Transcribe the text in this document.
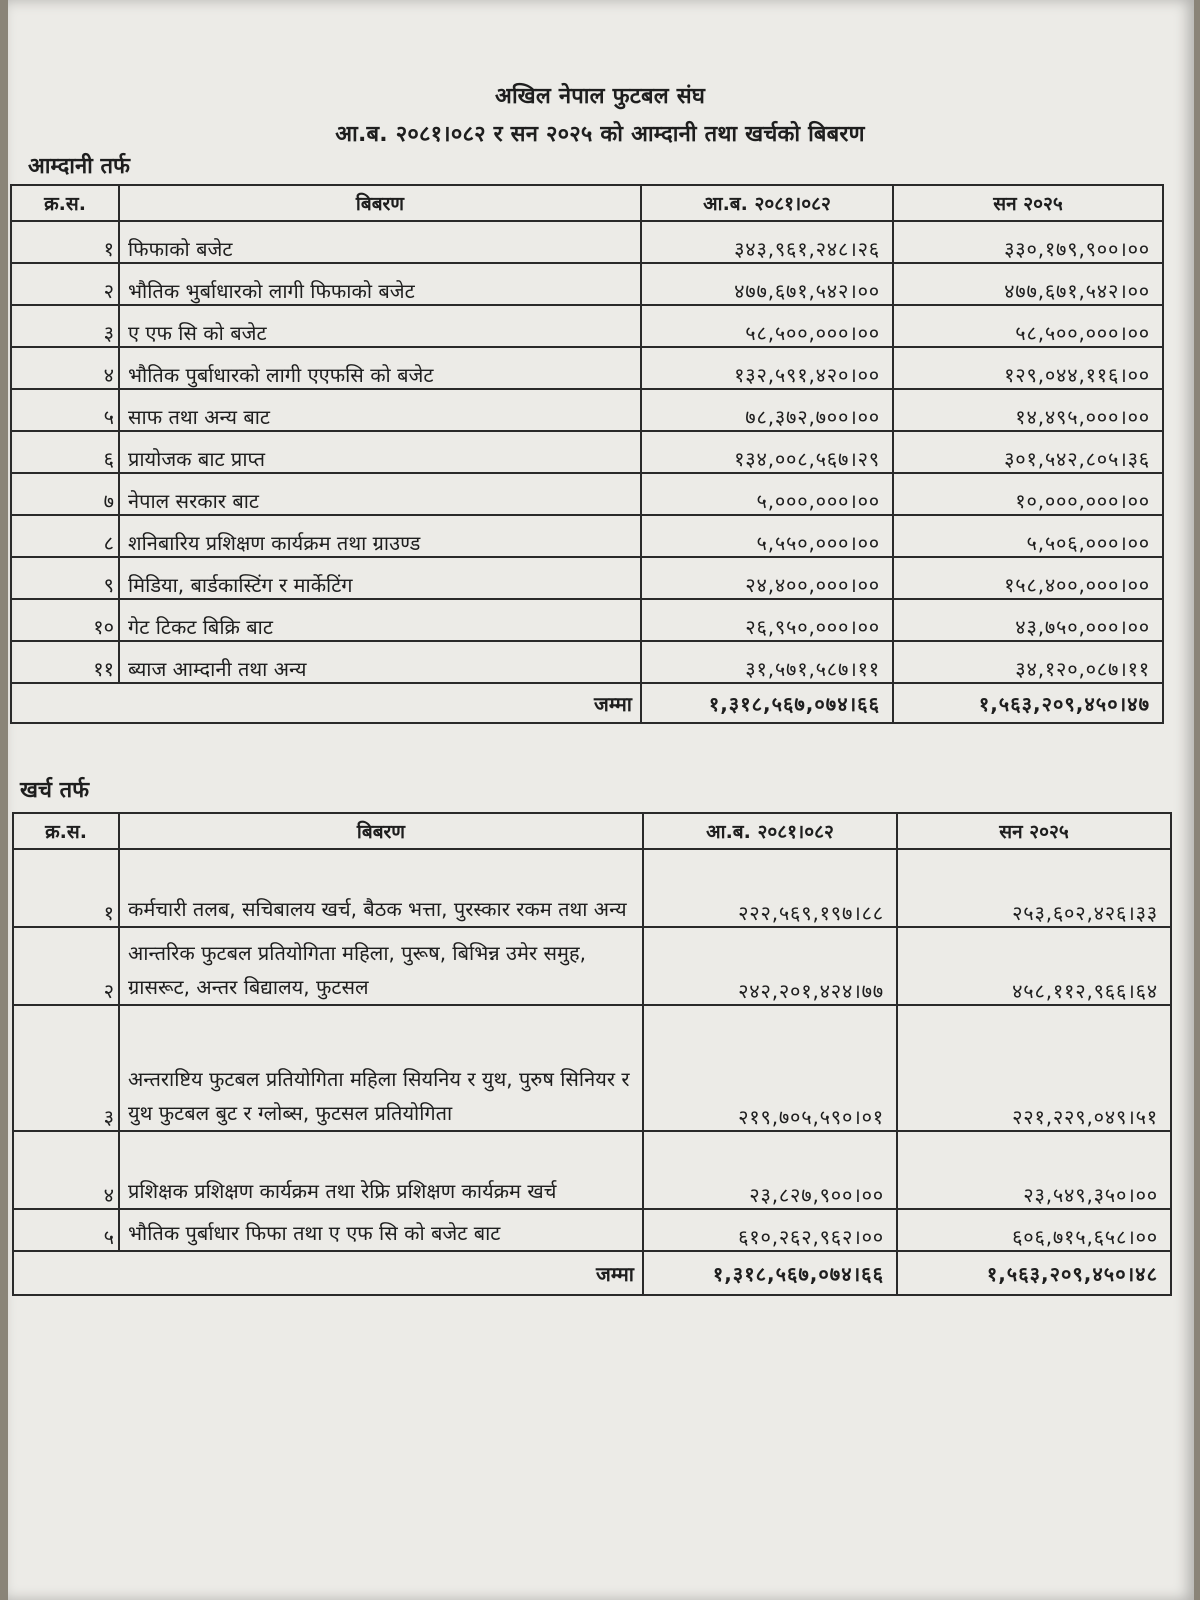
अखिल नेपाल फुटबल संघ
आ.ब. २०८१।०८२ र सन २०२५ को आम्दानी तथा खर्चको बिबरण
आम्दानी तर्फ
क्र.स.	बिबरण	आ.ब. २०८१।०८२	सन २०२५
१	फिफाको बजेट	३४३,९६१,२४८।२६	३३०,१७९,९००।००
२	भौतिक भुर्बाधारको लागी फिफाको बजेट	४७७,६७१,५४२।००	४७७,६७१,५४२।००
३	ए एफ सि को बजेट	५८,५००,०००।००	५८,५००,०००।००
४	भौतिक पुर्बाधारको लागी एएफसि को बजेट	१३२,५९१,४२०।००	१२९,०४४,११६।००
५	साफ तथा अन्य बाट	७८,३७२,७००।००	१४,४९५,०००।००
६	प्रायोजक बाट प्राप्त	१३४,००८,५६७।२९	३०१,५४२,८०५।३६
७	नेपाल सरकार बाट	५,०००,०००।००	१०,०००,०००।००
८	शनिबारिय प्रशिक्षण कार्यक्रम तथा ग्राउण्ड	५,५५०,०००।००	५,५०६,०००।००
९	मिडिया, बार्डकास्टिंग र मार्केटिंग	२४,४००,०००।००	१५८,४००,०००।००
१०	गेट टिकट बिक्रि बाट	२६,९५०,०००।००	४३,७५०,०००।००
११	ब्याज आम्दानी तथा अन्य	३१,५७१,५८७।११	३४,१२०,०८७।११
जम्मा		१,३१८,५६७,०७४।६६	१,५६३,२०९,४५०।४७
खर्च तर्फ
क्र.स.	बिबरण	आ.ब. २०८१।०८२	सन २०२५
१	कर्मचारी तलब, सचिबालय खर्च, बैठक भत्ता, पुरस्कार रकम तथा अन्य	२२२,५६९,१९७।८८	२५३,६०२,४२६।३३
२	आन्तरिक फुटबल प्रतियोगिता महिला, पुरूष, बिभिन्न उमेर समुह, ग्रासरूट, अन्तर बिद्यालय, फुटसल	२४२,२०१,४२४।७७	४५८,११२,९६६।६४
३	अन्तराष्टिय फुटबल प्रतियोगिता महिला सियनिय र युथ, पुरुष सिनियर र युथ फुटबल बुट र ग्लोब्स, फुटसल प्रतियोगिता	२१९,७०५,५९०।०१	२२१,२२९,०४९।५१
४	प्रशिक्षक प्रशिक्षण कार्यक्रम तथा रेफ्रि प्रशिक्षण कार्यक्रम खर्च	२३,८२७,९००।००	२३,५४९,३५०।००
५	भौतिक पुर्बाधार फिफा तथा ए एफ सि को बजेट बाट	६१०,२६२,९६२।००	६०६,७१५,६५८।००
जम्मा		१,३१८,५६७,०७४।६६	१,५६३,२०९,४५०।४८
